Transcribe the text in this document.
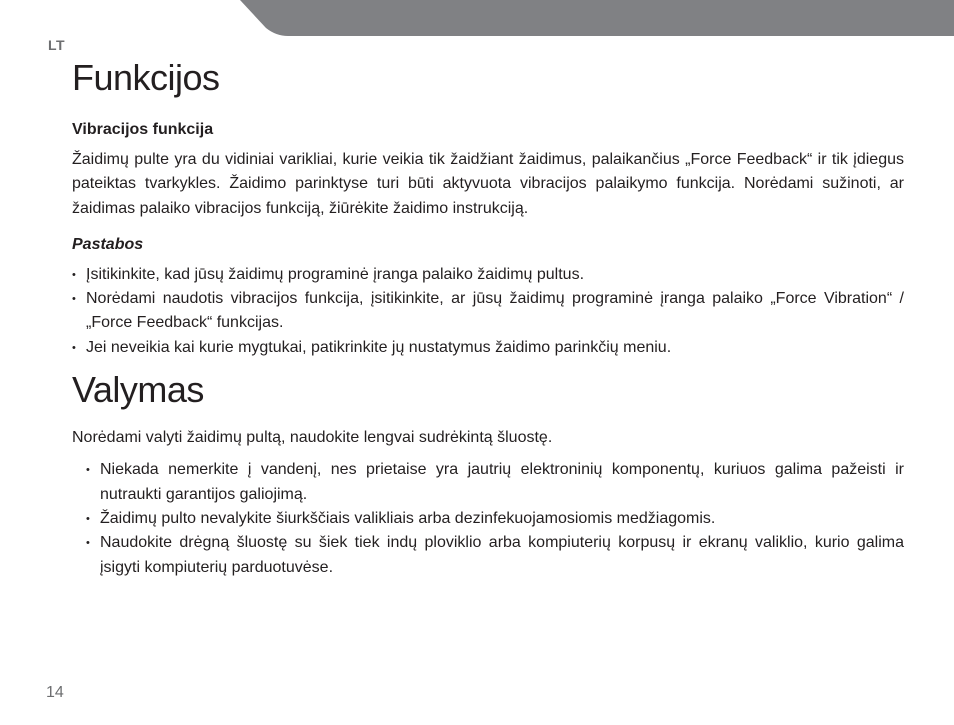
LT
Funkcijos
Vibracijos funkcija

Žaidimų pulte yra du vidiniai varikliai, kurie veikia tik žaidžiant žaidimus, palaikančius „Force Feedback“ ir tik įdiegus pateiktas tvarkykles. Žaidimo parinktyse turi būti aktyvuota vibracijos palaikymo funkcija. Norėdami sužinoti, ar žaidimas palaiko vibracijos funkciją, žiūrėkite žaidimo instrukciją.

Pastabos
• Įsitikinkite, kad jūsų žaidimų programinė įranga palaiko žaidimų pultus.
• Norėdami naudotis vibracijos funkcija, įsitikinkite, ar jūsų žaidimų programinė įranga palaiko „Force Vibration“ / „Force Feedback“ funkcijas.
• Jei neveikia kai kurie mygtukai, patikrinkite jų nustatymus žaidimo parinkčių meniu.
Valymas

Norėdami valyti žaidimų pultą, naudokite lengvai sudrėkintą šluostę.

• Niekada nemerkite į vandenį, nes prietaise yra jautrių elektroninių komponentų, kuriuos galima pažeisti ir nutraukti garantijos galiojimą.
• Žaidimų pulto nevalykite šiurkščiais valikliais arba dezinfekuojamosiomis medžiagomis.
• Naudokite drėgną šluostę su šiek tiek indų ploviklio arba kompiuterių korpusų ir ekranų valiklio, kurio galima įsigyti kompiuterių parduotuvėse.
14
